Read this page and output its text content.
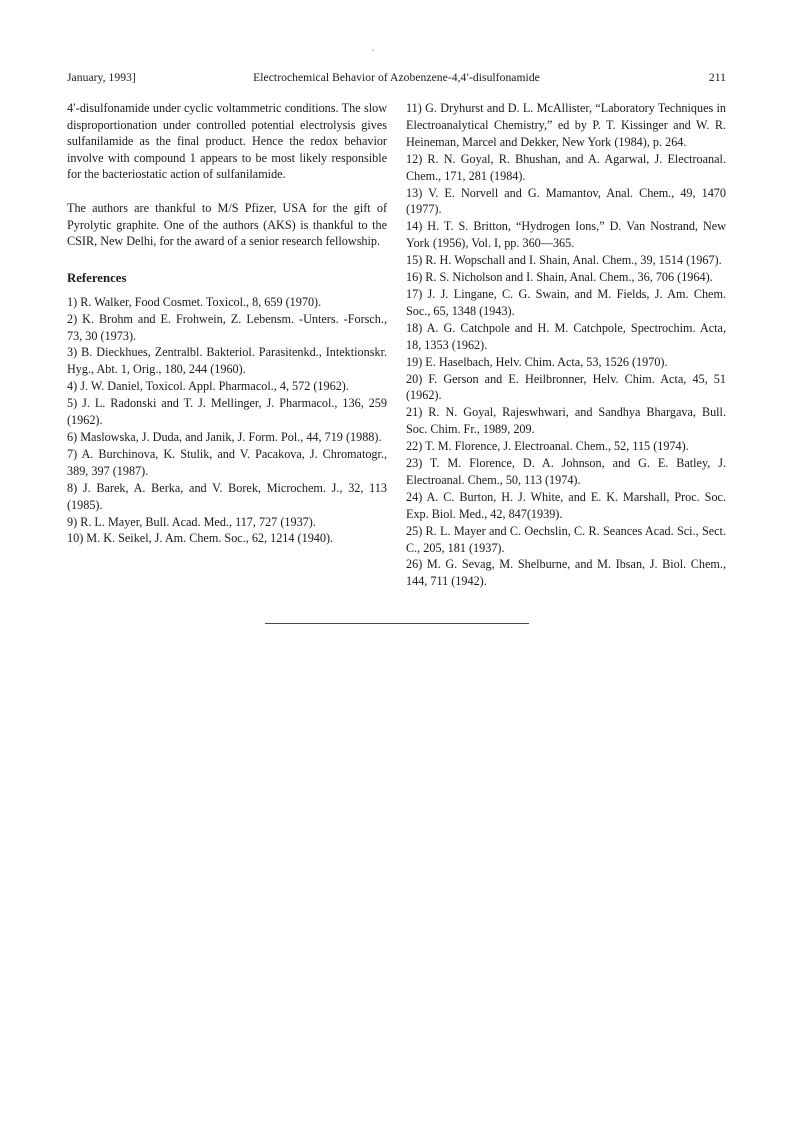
January, 1993]	Electrochemical Behavior of Azobenzene-4,4′-disulfonamide	211

4′-disulfonamide under cyclic voltammetric conditions. The slow disproportionation under controlled potential electrolysis gives sulfanilamide as the final product. Hence the redox behavior involve with compound 1 appears to be most likely responsible for the bacteriostatic action of sulfanilamide.

The authors are thankful to M/S Pfizer, USA for the gift of Pyrolytic graphite. One of the authors (AKS) is thankful to the CSIR, New Delhi, for the award of a senior research fellowship.

References

1) R. Walker, Food Cosmet. Toxicol., 8, 659 (1970).

2) K. Brohm and E. Frohwein, Z. Lebensm. -Unters. -Forsch., 73, 30 (1973).

3) B. Dieckhues, Zentralbl. Bakteriol. Parasitenkd., Intektionskr. Hyg., Abt. 1, Orig., 180, 244 (1960).

4) J. W. Daniel, Toxicol. Appl. Pharmacol., 4, 572 (1962).

5) J. L. Radonski and T. J. Mellinger, J. Pharmacol., 136, 259 (1962).

6) Maslowska, J. Duda, and Janik, J. Form. Pol., 44, 719 (1988).

7) A. Burchinova, K. Stulik, and V. Pacakova, J. Chromatogr., 389, 397 (1987).

8) J. Barek, A. Berka, and V. Borek, Microchem. J., 32, 113 (1985).

9) R. L. Mayer, Bull. Acad. Med., 117, 727 (1937).

10) M. K. Seikel, J. Am. Chem. Soc., 62, 1214 (1940).

11) G. Dryhurst and D. L. McAllister, “Laboratory Techniques in Electroanalytical Chemistry,” ed by P. T. Kissinger and W. R. Heineman, Marcel and Dekker, New York (1984), p. 264.

12) R. N. Goyal, R. Bhushan, and A. Agarwal, J. Electroanal. Chem., 171, 281 (1984).

13) V. E. Norvell and G. Mamantov, Anal. Chem., 49, 1470 (1977).

14) H. T. S. Britton, “Hydrogen Ions,” D. Van Nostrand, New York (1956), Vol. I, pp. 360—365.

15) R. H. Wopschall and I. Shain, Anal. Chem., 39, 1514 (1967).

16) R. S. Nicholson and I. Shain, Anal. Chem., 36, 706 (1964).

17) J. J. Lingane, C. G. Swain, and M. Fields, J. Am. Chem. Soc., 65, 1348 (1943).

18) A. G. Catchpole and H. M. Catchpole, Spectrochim. Acta, 18, 1353 (1962).

19) E. Haselbach, Helv. Chim. Acta, 53, 1526 (1970).

20) F. Gerson and E. Heilbronner, Helv. Chim. Acta, 45, 51 (1962).

21) R. N. Goyal, Rajeswhwari, and Sandhya Bhargava, Bull. Soc. Chim. Fr., 1989, 209.

22) T. M. Florence, J. Electroanal. Chem., 52, 115 (1974).

23) T. M. Florence, D. A. Johnson, and G. E. Batley, J. Electroanal. Chem., 50, 113 (1974).

24) A. C. Burton, H. J. White, and E. K. Marshall, Proc. Soc. Exp. Biol. Med., 42, 847(1939).

25) R. L. Mayer and C. Oechslin, C. R. Seances Acad. Sci., Sect. C., 205, 181 (1937).

26) M. G. Sevag, M. Shelburne, and M. Ibsan, J. Biol. Chem., 144, 711 (1942).
